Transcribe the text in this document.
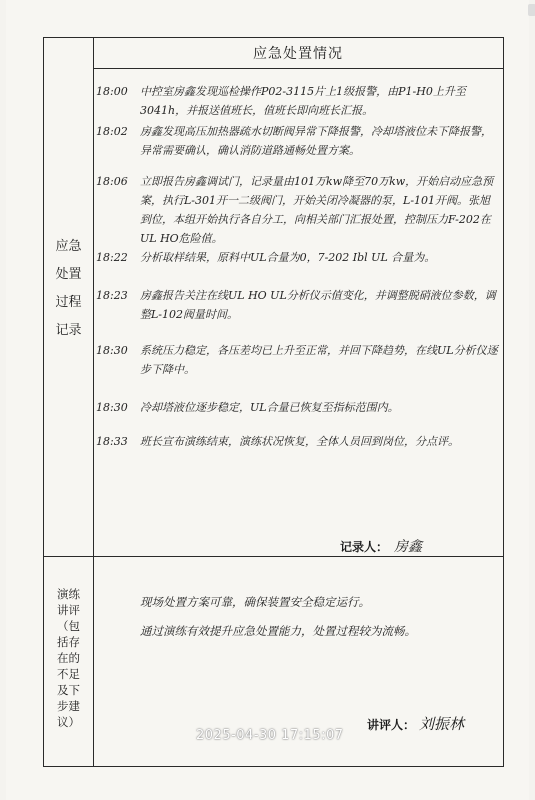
应急处置情况
应急
处置
过程
记录
演练
讲评
（包
括存
在的
不足
及下
步建
议）
18:00 中控室房鑫发现巡检操作P02-3115片上1级报警，由P1-H0上升至3041h，并报送值班长，值班长即向班长汇报。
18:02 房鑫发现高压加热器疏水切断阀异常下降报警，冷却塔液位未下降报警，异常需要确认，确认消防道路通畅处置方案。
18:06 立即报告房鑫调试门，记录量由101万kw降至70万kw，开始启动应急预案，执行L-301开一二级阀门，开始关闭冷凝器的泵，L-101开阀。张旭到位，本组开始执行各自分工，向相关部门汇报处置，控制压力F-202在UL HO危险值。
18:22 分析取样结果，原料中UL合量为0，7-202 Ibl UL 合量为。
18:23 房鑫报告关注在线UL HO UL分析仪示值变化，并调整脱硝液位参数，调整L-102阀量时间。
18:30 系统压力稳定，各压差均已上升至正常，并回下降趋势，在线UL分析仪逐步下降中。
18:30 冷却塔液位逐步稳定，UL合量已恢复至指标范围内。
18:33 班长宣布演练结束，演练状况恢复，全体人员回到岗位，分点评。
记录人： 房鑫
现场处置方案可靠，确保装置安全稳定运行。
通过演练有效提升应急处置能力，处置过程较为流畅。
讲评人： 刘振林
2025-04-30 17:15:07
